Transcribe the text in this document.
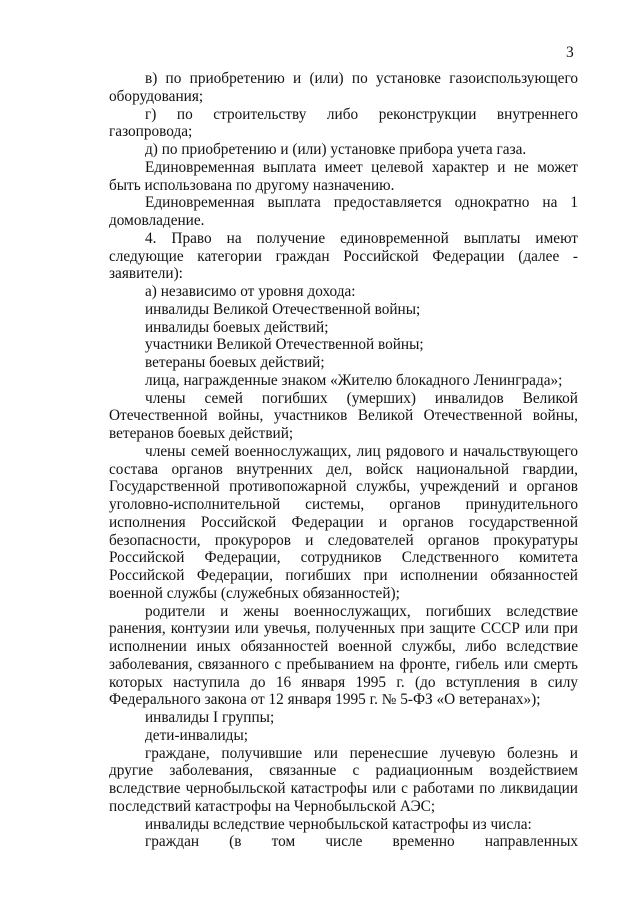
3

в) по приобретению и (или) по установке газоиспользующего оборудования;

г) по строительству либо реконструкции внутреннего газопровода;

д) по приобретению и (или) установке прибора учета газа.

Единовременная выплата имеет целевой характер и не может быть использована по другому назначению.

Единовременная выплата предоставляется однократно на 1 домовладение.

4. Право на получение единовременной выплаты имеют следующие категории граждан Российской Федерации (далее - заявители):

а) независимо от уровня дохода:

инвалиды Великой Отечественной войны;

инвалиды боевых действий;

участники Великой Отечественной войны;

ветераны боевых действий;

лица, награжденные знаком «Жителю блокадного Ленинграда»;

члены семей погибших (умерших) инвалидов Великой Отечественной войны, участников Великой Отечественной войны, ветеранов боевых действий;

члены семей военнослужащих, лиц рядового и начальствующего состава органов внутренних дел, войск национальной гвардии, Государственной противопожарной службы, учреждений и органов уголовно-исполнительной системы, органов принудительного исполнения Российской Федерации и органов государственной безопасности, прокуроров и следователей органов прокуратуры Российской Федерации, сотрудников Следственного комитета Российской Федерации, погибших при исполнении обязанностей военной службы (служебных обязанностей);

родители и жены военнослужащих, погибших вследствие ранения, контузии или увечья, полученных при защите СССР или при исполнении иных обязанностей военной службы, либо вследствие заболевания, связанного с пребыванием на фронте, гибель или смерть которых наступила до 16 января 1995 г. (до вступления в силу Федерального закона от 12 января 1995 г. № 5-ФЗ «О ветеранах»);

инвалиды I группы;

дети-инвалиды;

граждане, получившие или перенесшие лучевую болезнь и другие заболевания, связанные с радиационным воздействием вследствие чернобыльской катастрофы или с работами по ликвидации последствий катастрофы на Чернобыльской АЭС;

инвалиды вследствие чернобыльской катастрофы из числа:

граждан (в том числе временно направленных
